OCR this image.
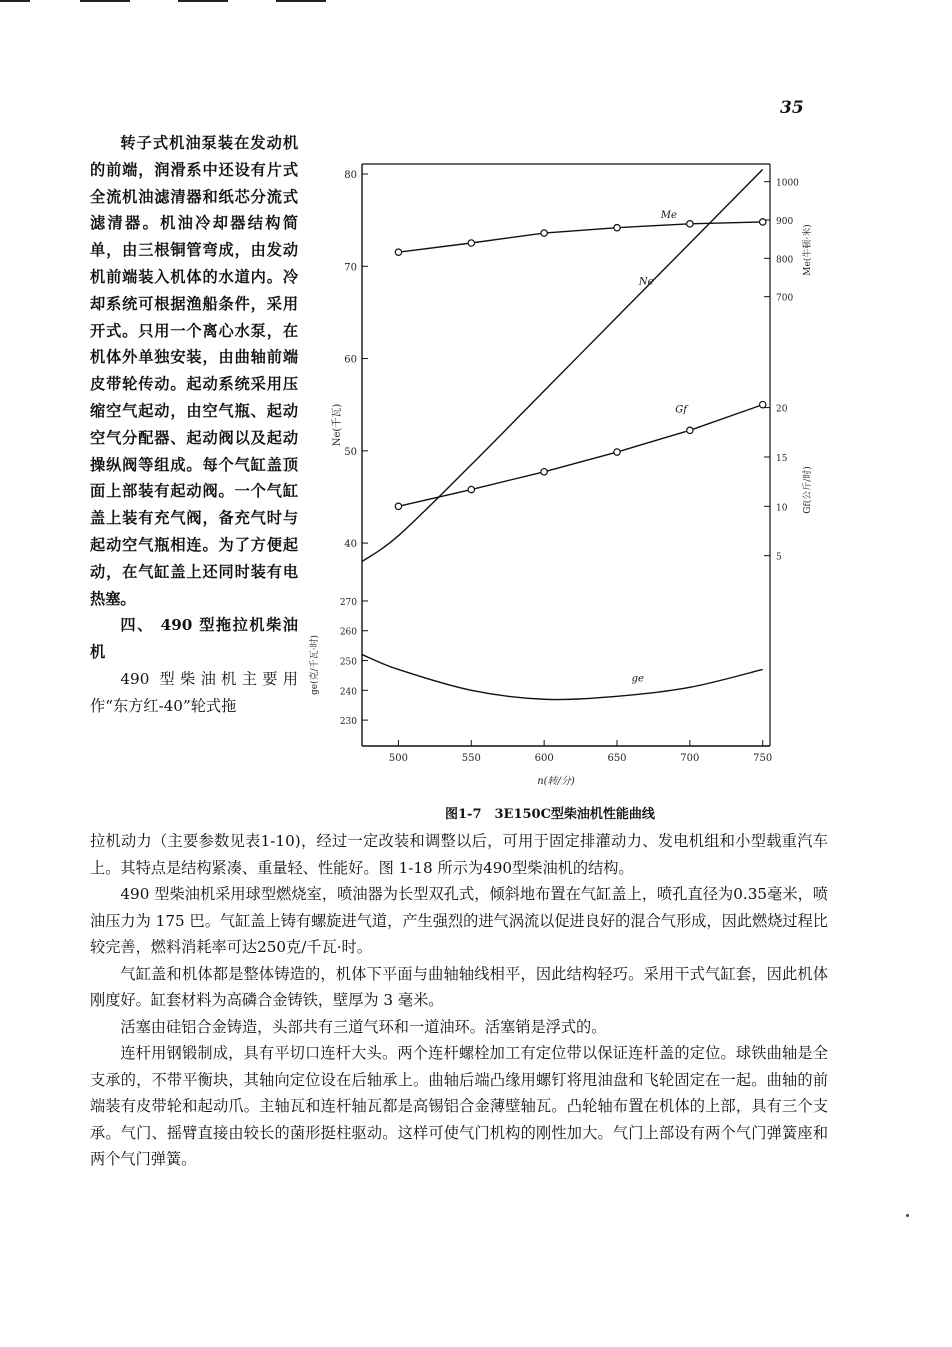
35

转子式机油泵装在发动机的前端，润滑系中还设有片式全流机油滤清器和纸芯分流式滤清器。机油冷却器结构简单，由三根铜管弯成，由发动机前端装入机体的水道内。冷却系统可根据渔船条件，采用开式。只用一个离心水泵，在机体外单独安装，由曲轴前端皮带轮传动。起动系统采用压缩空气起动，由空气瓶、起动空气分配器、起动阀以及起动操纵阀等组成。每个气缸盖顶面上部装有起动阀。一个气缸盖上装有充气阀，备充气时与起动空气瓶相连。为了方便起动，在气缸盖上还同时装有电热塞。

四、 490 型拖拉机柴油机

490 型柴油机主要用作“东方红-40”轮式拖

500	550	600	650	700	750
n(转/分)
80
70
60
50
40
Ne(千瓦)
270
260
250
240
230
ge(克/千瓦·时)
1000
900
800
700
Me(牛顿·米)
20
15
10
5
Gf(公斤/时)
Me
Ne
Gf
ge
图1-7　3E150C型柴油机性能曲线

拉机动力（主要参数见表1-10)，经过一定改装和调整以后，可用于固定排灌动力、发电机组和小型载重汽车上。其特点是结构紧凑、重量轻、性能好。图 1-18 所示为490型柴油机的结构。

490 型柴油机采用球型燃烧室，喷油器为长型双孔式，倾斜地布置在气缸盖上，喷孔直径为0.35毫米，喷油压力为 175 巴。气缸盖上铸有螺旋进气道，产生强烈的进气涡流以促进良好的混合气形成，因此燃烧过程比较完善，燃料消耗率可达250克/千瓦·时。

气缸盖和机体都是整体铸造的，机体下平面与曲轴轴线相平，因此结构轻巧。采用干式气缸套，因此机体刚度好。缸套材料为高磷合金铸铁，壁厚为 3 毫米。

活塞由硅铝合金铸造，头部共有三道气环和一道油环。活塞销是浮式的。

连杆用钢锻制成，具有平切口连杆大头。两个连杆螺栓加工有定位带以保证连杆盖的定位。球铁曲轴是全支承的，不带平衡块，其轴向定位设在后轴承上。曲轴后端凸缘用螺钉将甩油盘和飞轮固定在一起。曲轴的前端装有皮带轮和起动爪。主轴瓦和连杆轴瓦都是高锡铝合金薄壁轴瓦。凸轮轴布置在机体的上部，具有三个支承。气门、摇臂直接由较长的菌形挺柱驱动。这样可使气门机构的刚性加大。气门上部设有两个气门弹簧座和两个气门弹簧。
